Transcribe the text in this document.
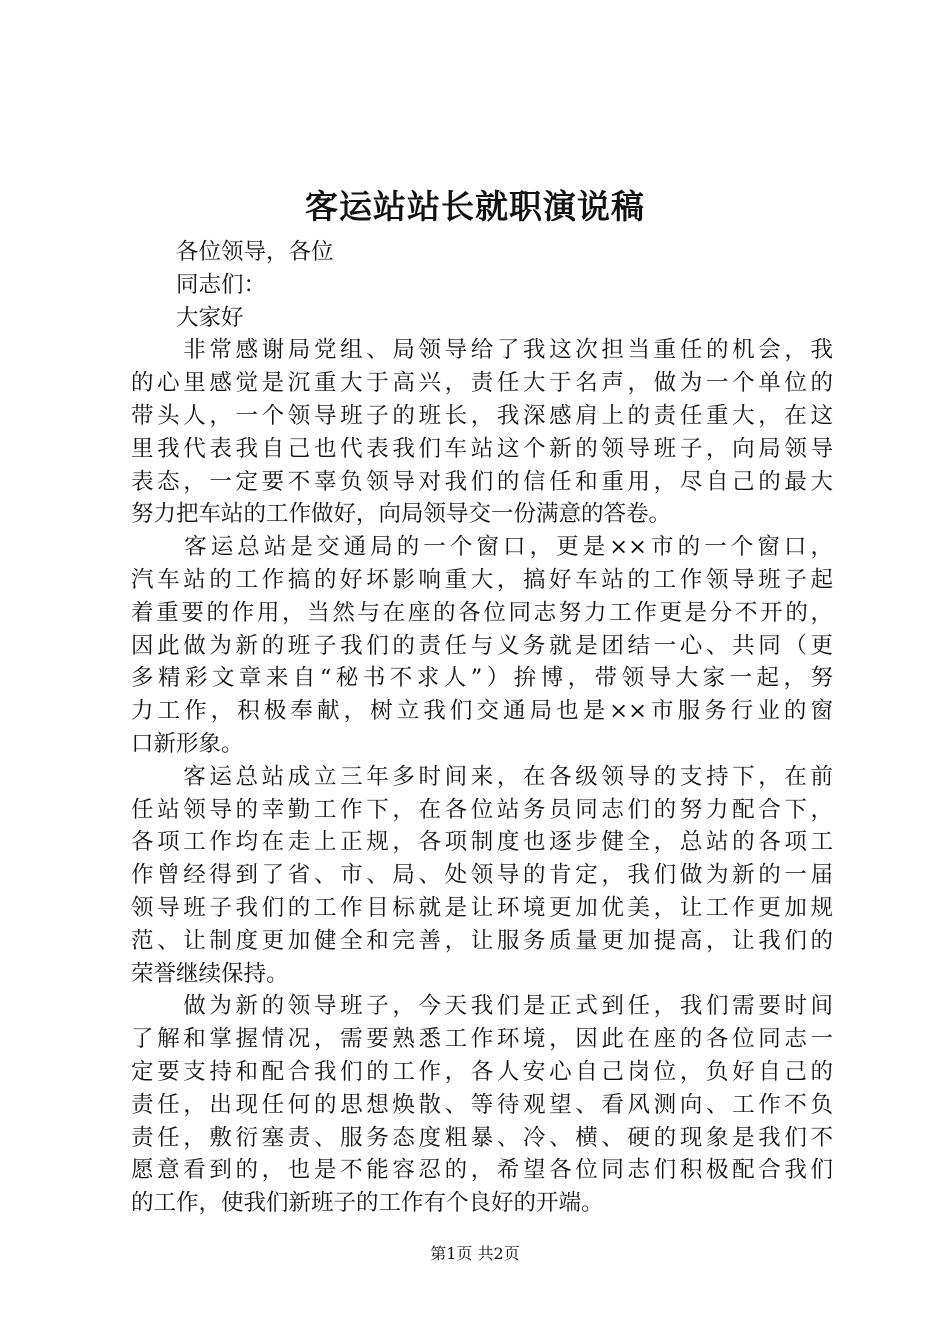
客运站站长就职演说稿
　　各位领导，各位
　　同志们：
　　大家好
　　非常感谢局党组、局领导给了我这次担当重任的机会，我
的心里感觉是沉重大于高兴，责任大于名声，做为一个单位的
带头人，一个领导班子的班长，我深感肩上的责任重大，在这
里我代表我自己也代表我们车站这个新的领导班子，向局领导
表态，一定要不辜负领导对我们的信任和重用，尽自己的最大
努力把车站的工作做好，向局领导交一份满意的答卷。
　　客运总站是交通局的一个窗口，更是××市的一个窗口，
汽车站的工作搞的好坏影响重大，搞好车站的工作领导班子起
着重要的作用，当然与在座的各位同志努力工作更是分不开的，
因此做为新的班子我们的责任与义务就是团结一心、共同（更
多精彩文章来自“秘书不求人”）拚博，带领导大家一起，努
力工作，积极奉献，树立我们交通局也是××市服务行业的窗
口新形象。
　　客运总站成立三年多时间来，在各级领导的支持下，在前
任站领导的幸勤工作下，在各位站务员同志们的努力配合下，
各项工作均在走上正规，各项制度也逐步健全，总站的各项工
作曾经得到了省、市、局、处领导的肯定，我们做为新的一届
领导班子我们的工作目标就是让环境更加优美，让工作更加规
范、让制度更加健全和完善，让服务质量更加提高，让我们的
荣誉继续保持。
　　做为新的领导班子，今天我们是正式到任，我们需要时间
了解和掌握情况，需要熟悉工作环境，因此在座的各位同志一
定要支持和配合我们的工作，各人安心自己岗位，负好自己的
责任，出现任何的思想焕散、等待观望、看风测向、工作不负
责任，敷衍塞责、服务态度粗暴、冷、横、硬的现象是我们不
愿意看到的，也是不能容忍的，希望各位同志们积极配合我们
的工作，使我们新班子的工作有个良好的开端。
第1页 共2页
